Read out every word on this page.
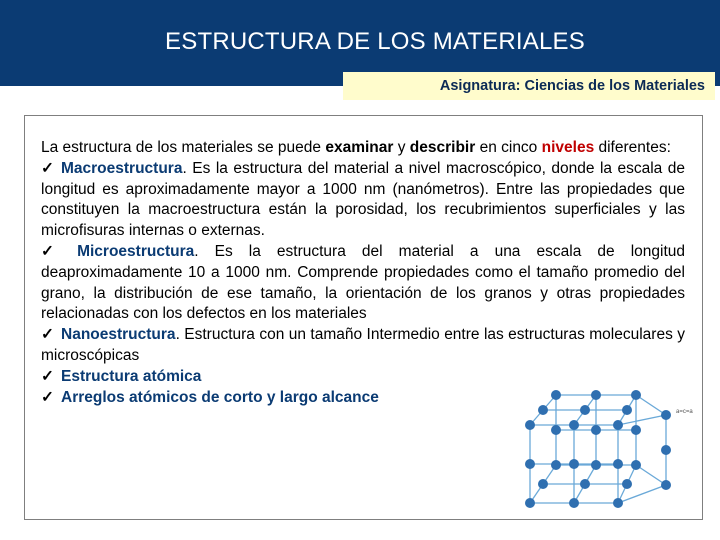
ESTRUCTURA DE LOS MATERIALES
Asignatura: Ciencias de los Materiales

La estructura de los materiales se puede examinar y describir en cinco niveles diferentes:

✓ Macroestructura. Es la estructura del material a nivel macroscópico, donde la escala de longitud es aproximadamente mayor a 1000 nm (nanómetros). Entre las propiedades que constituyen la macroestructura están la porosidad, los recubrimientos superficiales y las microfisuras internas o externas.

✓ Microestructura. Es la estructura del material a una escala de longitud deaproximadamente 10 a 1000 nm. Comprende propiedades como el tamaño promedio del grano, la distribución de ese tamaño, la orientación de los granos y otras propiedades relacionadas con los defectos en los materiales

✓ Nanoestructura. Estructura con un tamaño Intermedio entre las estructuras moleculares y microscópicas

✓ Estructura atómica

✓ Arreglos atómicos de corto y largo alcance

a=c=a
